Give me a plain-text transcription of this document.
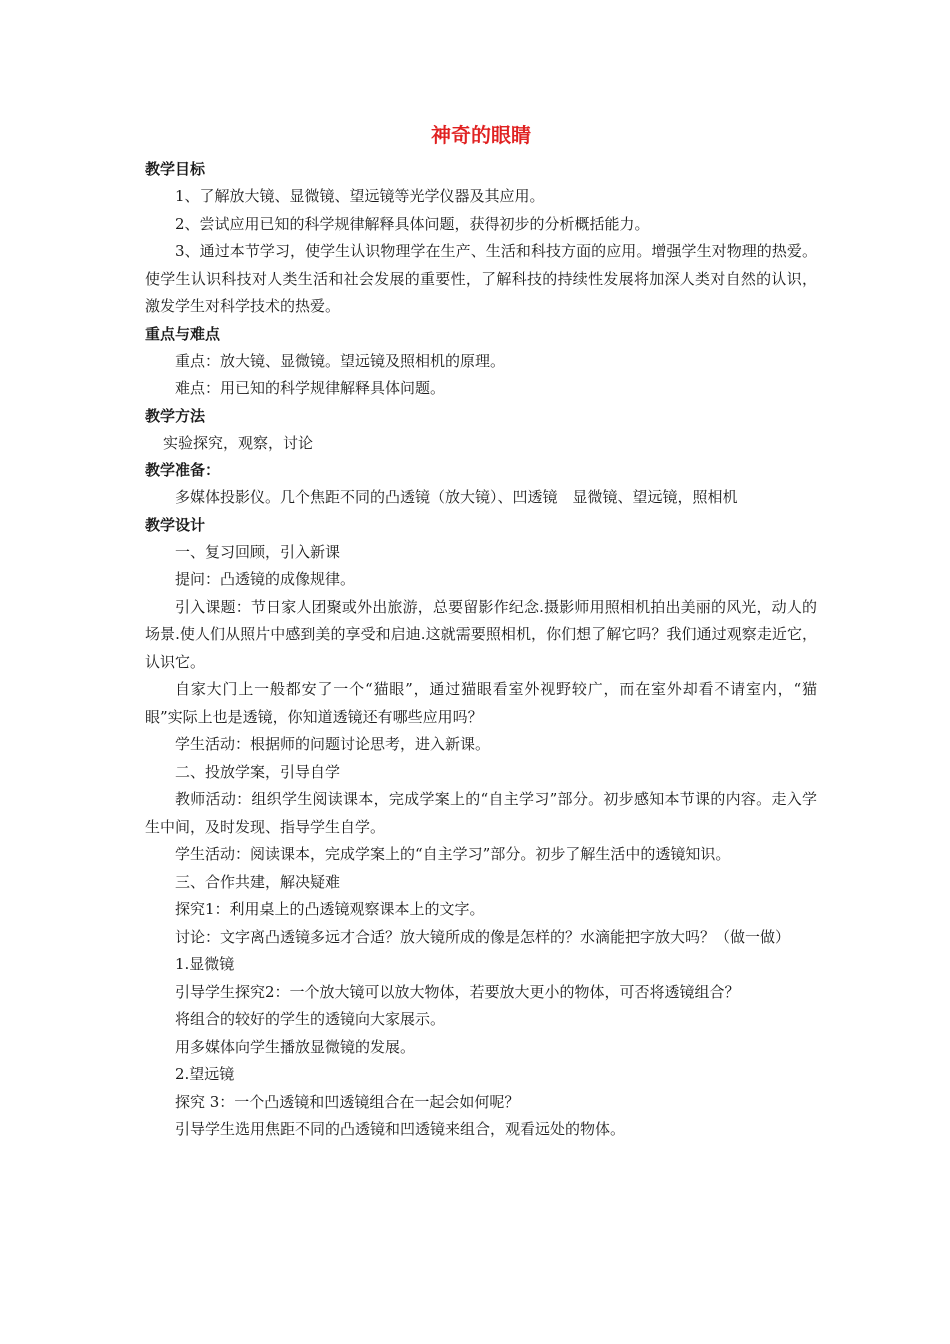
神奇的眼睛
教学目标
1、了解放大镜、显微镜、望远镜等光学仪器及其应用。
2、尝试应用已知的科学规律解释具体问题，获得初步的分析概括能力。
3、通过本节学习，使学生认识物理学在生产、生活和科技方面的应用。增强学生对物理的热爱。使学生认识科技对人类生活和社会发展的重要性，了解科技的持续性发展将加深人类对自然的认识，激发学生对科学技术的热爱。
重点与难点
重点：放大镜、显微镜。望远镜及照相机的原理。
难点：用已知的科学规律解释具体问题。
教学方法
实验探究，观察，讨论
教学准备：
多媒体投影仪。几个焦距不同的凸透镜（放大镜）、凹透镜　显微镜、望远镜，照相机
教学设计
一、复习回顾，引入新课
提问：凸透镜的成像规律。
引入课题：节日家人团聚或外出旅游，总要留影作纪念.摄影师用照相机拍出美丽的风光，动人的场景.使人们从照片中感到美的享受和启迪.这就需要照相机，你们想了解它吗？我们通过观察走近它，认识它。
自家大门上一般都安了一个“猫眼”，通过猫眼看室外视野较广，而在室外却看不请室内，“猫眼”实际上也是透镜，你知道透镜还有哪些应用吗？
学生活动：根据师的问题讨论思考，进入新课。
二、投放学案，引导自学
教师活动：组织学生阅读课本，完成学案上的“自主学习”部分。初步感知本节课的内容。走入学生中间，及时发现、指导学生自学。
学生活动：阅读课本，完成学案上的“自主学习”部分。初步了解生活中的透镜知识。
三、合作共建，解决疑难
探究1：利用桌上的凸透镜观察课本上的文字。
讨论：文字离凸透镜多远才合适？放大镜所成的像是怎样的？水滴能把字放大吗？（做一做）
1.显微镜
引导学生探究2：一个放大镜可以放大物体，若要放大更小的物体，可否将透镜组合？
将组合的较好的学生的透镜向大家展示。
用多媒体向学生播放显微镜的发展。
2.望远镜
探究 3：一个凸透镜和凹透镜组合在一起会如何呢？
引导学生选用焦距不同的凸透镜和凹透镜来组合，观看远处的物体。
